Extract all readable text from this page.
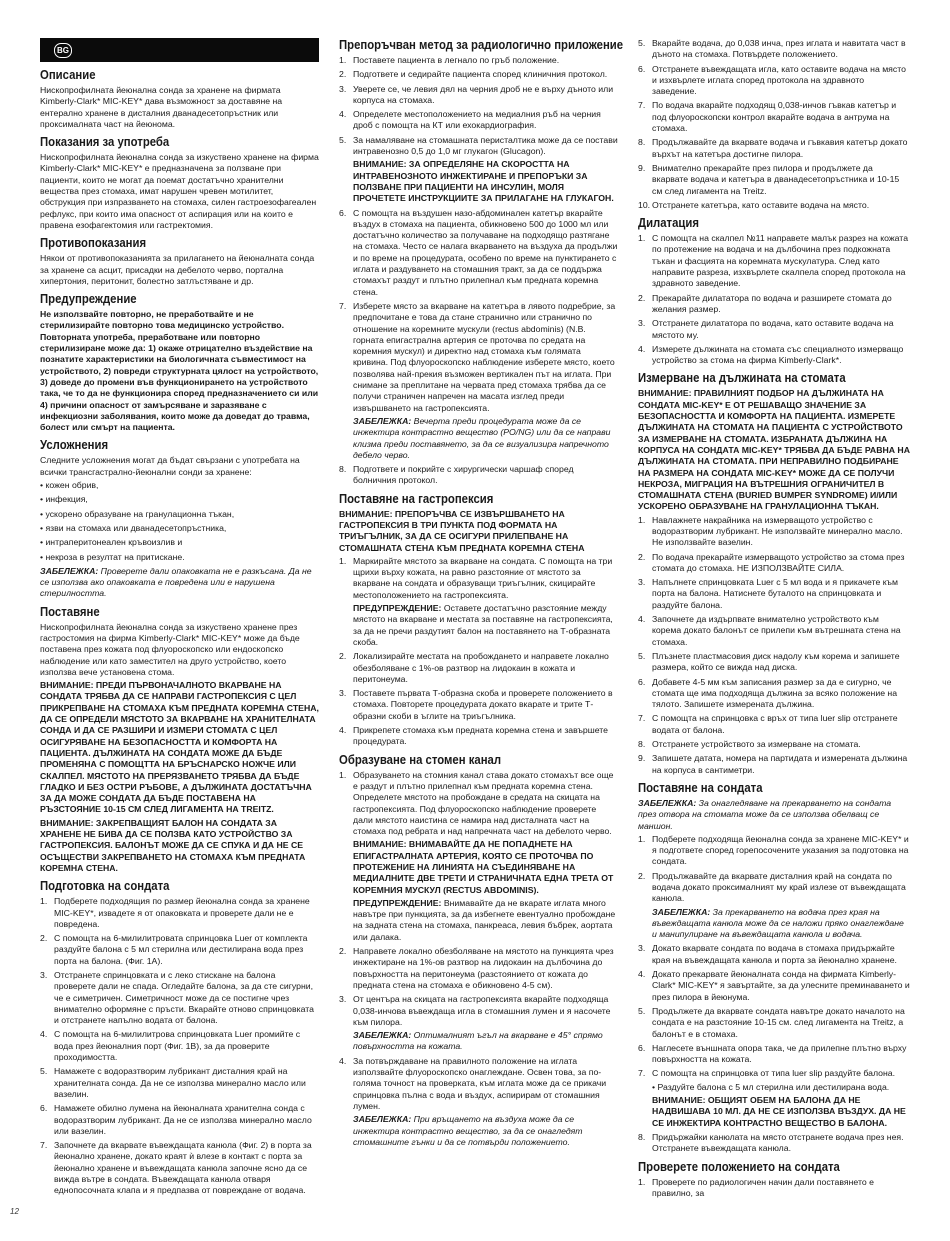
BG
Описание

Нископрофилната йеюнална сонда за хранене на фирмата Kimberly-Clark* MIC-KEY* дава възможност за доставяне на ентерално хранене в дисталния дванадесетопръстник или проксималната част на йеюнома.

Показания за употреба

Нископрофилната йеюнална сонда за изкуствено хранене на фирма Kimberly-Clark* MIC-KEY* е предназначена за ползване при пациенти, които не могат да поемат достатъчно хранителни вещества през стомаха, имат нарушен чревен мотилитет, обструкция при изпразването на стомаха, силен гастроезофагеален рефлукс, при които има опасност от аспирация или на които е правена езофагектомия или гастректомия.

Противопоказания

Някои от противопоказанията за прилагането на йеюналната сонда за хранене са асцит, присадки на дебелото черво, портална хипертония, перитонит, болестно затлъстяване и др.

Предупреждение

Не използвайте повторно, не преработвайте и не стерилизирайте повторно това медицинско устройство. Повторната употреба, преработване или повторно стерилизиране може да: 1) окаже отрицателно въздействие на познатите характеристики на биологичната съвместимост на устройството, 2) повреди структурната цялост на устройството, 3) доведе до промени във функционирането на устройството така, че то да не функционира според предназначението си или 4) причини опасност от замърсяване и заразяване с инфекциозни заболявания, които може да доведат до травма, болест или смърт на пациента.

Усложнения

Следните усложнения могат да бъдат свързани с употребата на всички трансгастрално-йеюнални сонди за хранене:

• кожен обрив,
• инфекция,
• ускорено образуване на гранулационна тъкан,
• язви на стомаха или дванадесетопръстника,
• интраперитонеален кръвоизлив и
• некроза в резултат на притискане.

ЗАБЕЛЕЖКА: Проверете дали опаковката не е разкъсана. Да не се използва ако опаковката е повредена или е нарушена стерилността.

Поставяне

Нископрофилната йеюнална сонда за изкуствено хранене през гастростомия на фирма Kimberly-Clark* MIC-KEY* може да бъде поставена през кожата под флуороскопско или ендоскопско наблюдение или като заместител на друго устройство, което използва вече установена стома.

ВНИМАНИЕ: ПРЕДИ ПЪРВОНАЧАЛНОТО ВКАРВАНЕ НА СОНДАТА ТРЯБВА ДА СЕ НАПРАВИ ГАСТРОПЕКСИЯ С ЦЕЛ ПРИКРЕПВАНЕ НА СТОМАХА КЪМ ПРЕДНАТА КОРЕМНА СТЕНА, ДА СЕ ОПРЕДЕЛИ МЯСТОТО ЗА ВКАРВАНЕ НА ХРАНИТЕЛНАТА СОНДА И ДА СЕ РАЗШИРИ И ИЗМЕРИ СТОМАТА С ЦЕЛ ОСИГУРЯВАНЕ НА БЕЗОПАСНОСТТА И КОМФОРТА НА ПАЦИЕНТА. ДЪЛЖИНАТА НА СОНДАТА МОЖЕ ДА БЪДЕ ПРОМЕНЯНА С ПОМОЩТТА НА БРЪСНАРСКО НОЖЧЕ ИЛИ СКАЛПЕЛ. МЯСТОТО НА ПРЕРЯЗВАНЕТО ТРЯБВА ДА БЪДЕ ГЛАДКО И БЕЗ ОСТРИ РЪБОВЕ, А ДЪЛЖИНАТА ДОСТАТЪЧНА ЗА ДА МОЖЕ СОНДАТА ДА БЪДЕ ПОСТАВЕНА НА РЪЗСТОЯНИЕ 10-15 СМ СЛЕД ЛИГАМЕНТА НА TREITZ.

ВНИМАНИЕ: ЗАКРЕПВАЩИЯТ БАЛОН НА СОНДАТА ЗА ХРАНЕНЕ НЕ БИВА ДА СЕ ПОЛЗВА КАТО УСТРОЙСТВО ЗА ГАСТРОПЕКСИЯ. БАЛОНЪТ МОЖЕ ДА СЕ СПУКА И ДА НЕ СЕ ОСЪЩЕСТВИ ЗАКРЕПВАНЕТО НА СТОМАХА КЪМ ПРЕДНАТА КОРЕМНА СТЕНА.

Подготовка на сондата
1. Подберете подходящия по размер йеюнална сонда за хранене MIC-KEY*, извадете я от опаковката и проверете дали не е повредена.
2. С помощта на 6-милилитровата спринцовка Luer от комплекта раздуйте балона с 5 мл стерилна или дестилирана вода през порта на балона. (Фиг. 1А).
3. Отстранете спринцовката и с леко стискане на балона проверете дали не спада. Огледайте балона, за да сте сигурни, че е симетричен. Симетричност може да се постигне чрез внимателно оформяне с пръсти. Вкарайте отново спринцовката и отстранете напълно водата от балона.
4. С помощта на 6-милилитрова спринцовката Luer промийте с вода през йеюналния порт (Фиг. 1B), за да проверите проходимостта.
5. Намажете с водоразтворим лубрикант дисталния край на хранителната сонда. Да не се използва минерално масло или вазелин.
6. Намажете обилно лумена на йеюналната хранителна сонда с водоразтворим лубрикант. Да не се използва минерално масло или вазелин.
7. Започнете да вкарвате въвеждащата канюла (Фиг. 2) в порта за йеюнално хранене, докато краят ѝ влезе в контакт с порта за йеюнално хранене и въвеждащата канюла започне ясно да се вижда вътре в сондата. Въвеждащата канюла отваря еднопосочната клапа и я предпазва от повреждане от водача.
Препоръчван метод за радиологично приложение
1. Поставете пациента в легнало по гръб положение.
2. Подгответе и седирайте пациента според клиничния протокол.
3. Уверете се, че левия дял на черния дроб не е върху дъното или корпуса на стомаха.
4. Определете местоположението на медиалния ръб на черния дроб с помощта на КТ или ехокардиография.
5. За намаляване на стомашната перисталтика може да се постави интравенозно 0,5 до 1,0 мг глукагон (Glucagon).
ВНИМАНИЕ: ЗА ОПРЕДЕЛЯНЕ НА СКОРОСТТА НА ИНТРАВЕНОЗНОТО ИНЖЕКТИРАНЕ И ПРЕПОРЪКИ ЗА ПОЛЗВАНЕ ПРИ ПАЦИЕНТИ НА ИНСУЛИН, МОЛЯ ПРОЧЕТЕТЕ ИНСТРУКЦИИТЕ ЗА ПРИЛАГАНЕ НА ГЛУКАГОН.
6. С помощта на въздушен назо-абдоминален катетър вкарайте въздух в стомаха на пациента, обикновено 500 до 1000 мл или достатъчно количество за получаване на подходящо разтягане на стомаха. Често се налага вкарването на въздуха да продължи и по време на процедурата, особено по време на пунктирането с иглата и раздуването на стомашния тракт, за да се поддържа стомахът раздут и плътно прилепнал към предната коремна стена.
7. Изберете място за вкарване на катетъра в лявото подребрие, за предпочитане е това да стане странично или странично по отношение на коремните мускули (rectus abdominis) (N.B. горната епигастрална артерия се проточва по средата на коремния мускул) и директно над стомаха към голямата кривина. Под флуороскопско наблюдение изберете място, което позволява най-прекия възможен вертикален път на иглата. При снимане за преплитане на червата пред стомаха трябва да се получи страничен напречен на масата изглед преди извършването на гастропексията.
ЗАБЕЛЕЖКА: Вечерта преди процедурата може да се инжектира контрастно вещество (PO/NG) или да се направи клизма преди поставянето, за да се визуализира напречното дебело черво.
8. Подгответе и покрийте с хирургически чаршаф според болничния протокол.
Поставяне на гастропексия

ВНИМАНИЕ: ПРЕПОРЪЧВА СЕ ИЗВЪРШВАНЕТО НА ГАСТРОПЕКСИЯ В ТРИ ПУНКТА ПОД ФОРМАТА НА ТРИЪГЪЛНИК, ЗА ДА СЕ ОСИГУРИ ПРИЛЕПВАНЕ НА СТОМАШНАТА СТЕНА КЪМ ПРЕДНАТА КОРЕМНА СТЕНА

1. Маркирайте мястото за вкарване на сондата. С помощта на три щрихи върху кожата, на равно разстояние от мястото за вкарване на сондата и образуващи триъгълник, скицирайте местоположението на гастропексията.
ПРЕДУПРЕЖДЕНИЕ: Оставете достатъчно разстояние между мястото на вкарване и местата за поставяне на гастропексията, за да не пречи раздутият балон на поставянето на Т-образната скоба.
2. Локализирайте местата на пробождането и направете локално обезболяване с 1%-ов разтвор на лидокаин в кожата и перитонеума.
3. Поставете първата Т-образна скоба и проверете положението в стомаха. Повторете процедурата докато вкарате и трите Т-образни скоби в ъглите на триъгълника.
4. Прикрепете стомаха към предната коремна стена и завършете процедурата.
Образуване на стомен канал
1. Образуването на стомния канал става докато стомахът все още е раздут и плътно прилепнал към предната коремна стена. Определете мястото на пробождане в средата на скицата на гастропексията. Под флуороскопско наблюдение проверете дали мястото наистина се намира над дисталната част на стомаха под ребрата и над напречната част на дебелото черво.
ВНИМАНИЕ: ВНИМАВАЙТЕ ДА НЕ ПОПАДНЕТЕ НА ЕПИГАСТРАЛНАТА АРТЕРИЯ, КОЯТО СЕ ПРОТОЧВА ПО ПРОТЕЖЕНИЕ НА ЛИНИЯТА НА СЪЕДИНЯВАНЕ НА МЕДИАЛНИТЕ ДВЕ ТРЕТИ И СТРАНИЧНАТА ЕДНА ТРЕТА ОТ КОРЕМНИЯ МУСКУЛ (RECTUS ABDOMINIS).
ПРЕДУПРЕЖДЕНИЕ: Внимавайте да не вкарате иглата много навътре при пункцията, за да избегнете евентуално пробождане на задната стена на стомаха, панкреаса, левия бъбрек, аортата или далака.
2. Направете локално обезболяване на мястото на пункцията чрез инжектиране на 1%-ов разтвор на лидокаин на дълбочина до повърхността на перитонеума (разстоянието от кожата до предната стена на стомаха е обикновено 4-5 см).
3. От центъра на скицата на гастропексията вкарайте подходяща 0,038-инчова въвеждаща игла в стомашния лумен и я насочете към пилора.
ЗАБЕЛЕЖКА: Оптималният ъгъл на вкарване е 45° спрямо повърхността на кожата.
4. За потвърждаване на правилното положение на иглата използвайте флуороскопско онаглеждане. Освен това, за по-голяма точност на проверката, към иглата може да се прикачи спринцовка пълна с вода и въздух, аспирирам от стомашния лумен.
ЗАБЕЛЕЖКА: При връщането на въздуха може да се инжектира контрастно вещество, за да се онагледят стомашните гънки и да се потвърди положението.
5. Вкарайте водача, до 0,038 инча, през иглата и навитата част в дъното на стомаха. Потвърдете положението.
6. Отстранете въвеждащата игла, като оставите водача на място и изхвърлете иглата според протокола на здравното заведение.
7. По водача вкарайте подходящ 0,038-инчов гъвкав катетър и под флуороскопски контрол вкарайте водача в антрума на стомаха.
8. Продължавайте да вкарвате водача и гъвкавия катетър докато върхът на катетъра достигне пилора.
9. Внимателно прекарайте през пилора и продължете да вкарвате водача и катетъра в дванадесетопръстника и 10-15 см след лигамента на Treitz.
10. Отстранете катетъра, като оставите водача на място.
Дилатация
1. С помощта на скалпел №11 направете малък разрез на кожата по протежение на водача и на дълбочина през подкожната тъкан и фасцията на коремната мускулатура. След като направите разреза, изхвърлете скалпела според протокола на здравното заведение.
2. Прекарайте дилататора по водача и разширете стомата до желания размер.
3. Отстранете дилататора по водача, като оставите водача на мястото му.
4. Измерете дължината на стомата със специалното измерващо устройство за стома на фирма Kimberly-Clark*.
Измерване на дължината на стомата

ВНИМАНИЕ: ПРАВИЛНИЯТ ПОДБОР НА ДЪЛЖИНАТА НА СОНДАТА MIC-KEY* Е ОТ РЕШАВАЩО ЗНАЧЕНИЕ ЗА БЕЗОПАСНОСТТА И КОМФОРТА НА ПАЦИЕНТА. ИЗМЕРЕТЕ ДЪЛЖИНАТА НА СТОМАТА НА ПАЦИЕНТА С УСТРОЙСТВОТО ЗА ИЗМЕРВАНЕ НА СТОМАТА. ИЗБРАНАТА ДЪЛЖИНА НА КОРПУСА НА СОНДАТА MIC-KEY* ТРЯБВА ДА БЪДЕ РАВНА НА ДЪЛЖИНАТА НА СТОМАТА. ПРИ НЕПРАВИЛНО ПОДБИРАНЕ НА РАЗМЕРА НА СОНДАТА MIC-KEY* МОЖЕ ДА СЕ ПОЛУЧИ НЕКРОЗА, МИГРАЦИЯ НА ВЪТРЕШНИЯ ОГРАНИЧИТЕЛ В СТОМАШНАТА СТЕНА (BURIED BUMPER SYNDROME) И/ИЛИ УСКОРЕНО ОБРАЗУВАНЕ НА ГРАНУЛАЦИОННА ТЪКАН.

1. Навлажнете накрайника на измерващото устройство с водоразтворим лубрикант. Не използвайте минерално масло. Не използвайте вазелин.
2. По водача прекарайте измерващото устройство за стома през стомата до стомаха. НЕ ИЗПОЛЗВАЙТЕ СИЛА.
3. Напълнете спринцовката Luer с 5 мл вода и я прикачете към порта на балона. Натиснете буталото на спринцовката и раздуйте балона.
4. Започнете да издърпвате внимателно устройството към корема докато балонът се прилепи към вътрешната стена на стомаха.
5. Плъзнете пластмасовия диск надолу към корема и запишете размера, който се вижда над диска.
6. Добавете 4-5 мм към записания размер за да е сигурно, че стомата ще има подходяща дължина за всяко положение на тялото. Запишете измерената дължина.
7. С помощта на спринцовка с връх от типа luer slip отстранете водата от балона.
8. Отстранете устройството за измерване на стомата.
9. Запишете датата, номера на партидата и измерената дължина на корпуса в сантиметри.
Поставяне на сондата

ЗАБЕЛЕЖКА: За онагледяване на прекарването на сондата през отвора на стомата може да се използва обелващ се маншон.

1. Подберете подходяща йеюнална сонда за хранене MIC-KEY* и я подгответе според горепосочените указания за подготовка на сондата.
2. Продължавайте да вкарвате дисталния край на сондата по водача докато проксималният му край излезе от въвеждащата канюла.
ЗАБЕЛЕЖКА: За прекарването на водача през края на въвеждащата канюла може да се наложи пряко онаглеждане и манипулиране на въвеждащата канюла и водача.
3. Докато вкарвате сондата по водача в стомаха придържайте края на въвеждащата канюла и порта за йеюнално хранене.
4. Докато прекарвате йеюналната сонда на фирмата Kimberly-Clark* MIC-KEY* я завъртайте, за да улесните преминаването и през пилора в йеюнума.
5. Продължете да вкарвате сондата навътре докато началото на сондата е на разстояние 10-15 см. след лигамента на Treitz, а балонът е в стомаха.
6. Наглесете външната опора така, че да прилепне плътно върху повърхността на кожата.
7. С помощта на спринцовка от типа luer slip раздуйте балона.
• Раздуйте балона с 5 мл стерилна или дестилирана вода.
ВНИМАНИЕ: ОБЩИЯТ ОБЕМ НА БАЛОНА ДА НЕ НАДВИШАВА 10 МЛ. ДА НЕ СЕ ИЗПОЛЗВА ВЪЗДУХ. ДА НЕ СЕ ИНЖЕКТИРА КОНТРАСТНО ВЕЩЕСТВО В БАЛОНА.
8. Придържайки канюлата на място отстранете водача през нея. Отстранете въвеждащата канюла.
Проверете положението на сондата
1. Проверете по радиологичен начин дали поставянето е правилно, за
12
